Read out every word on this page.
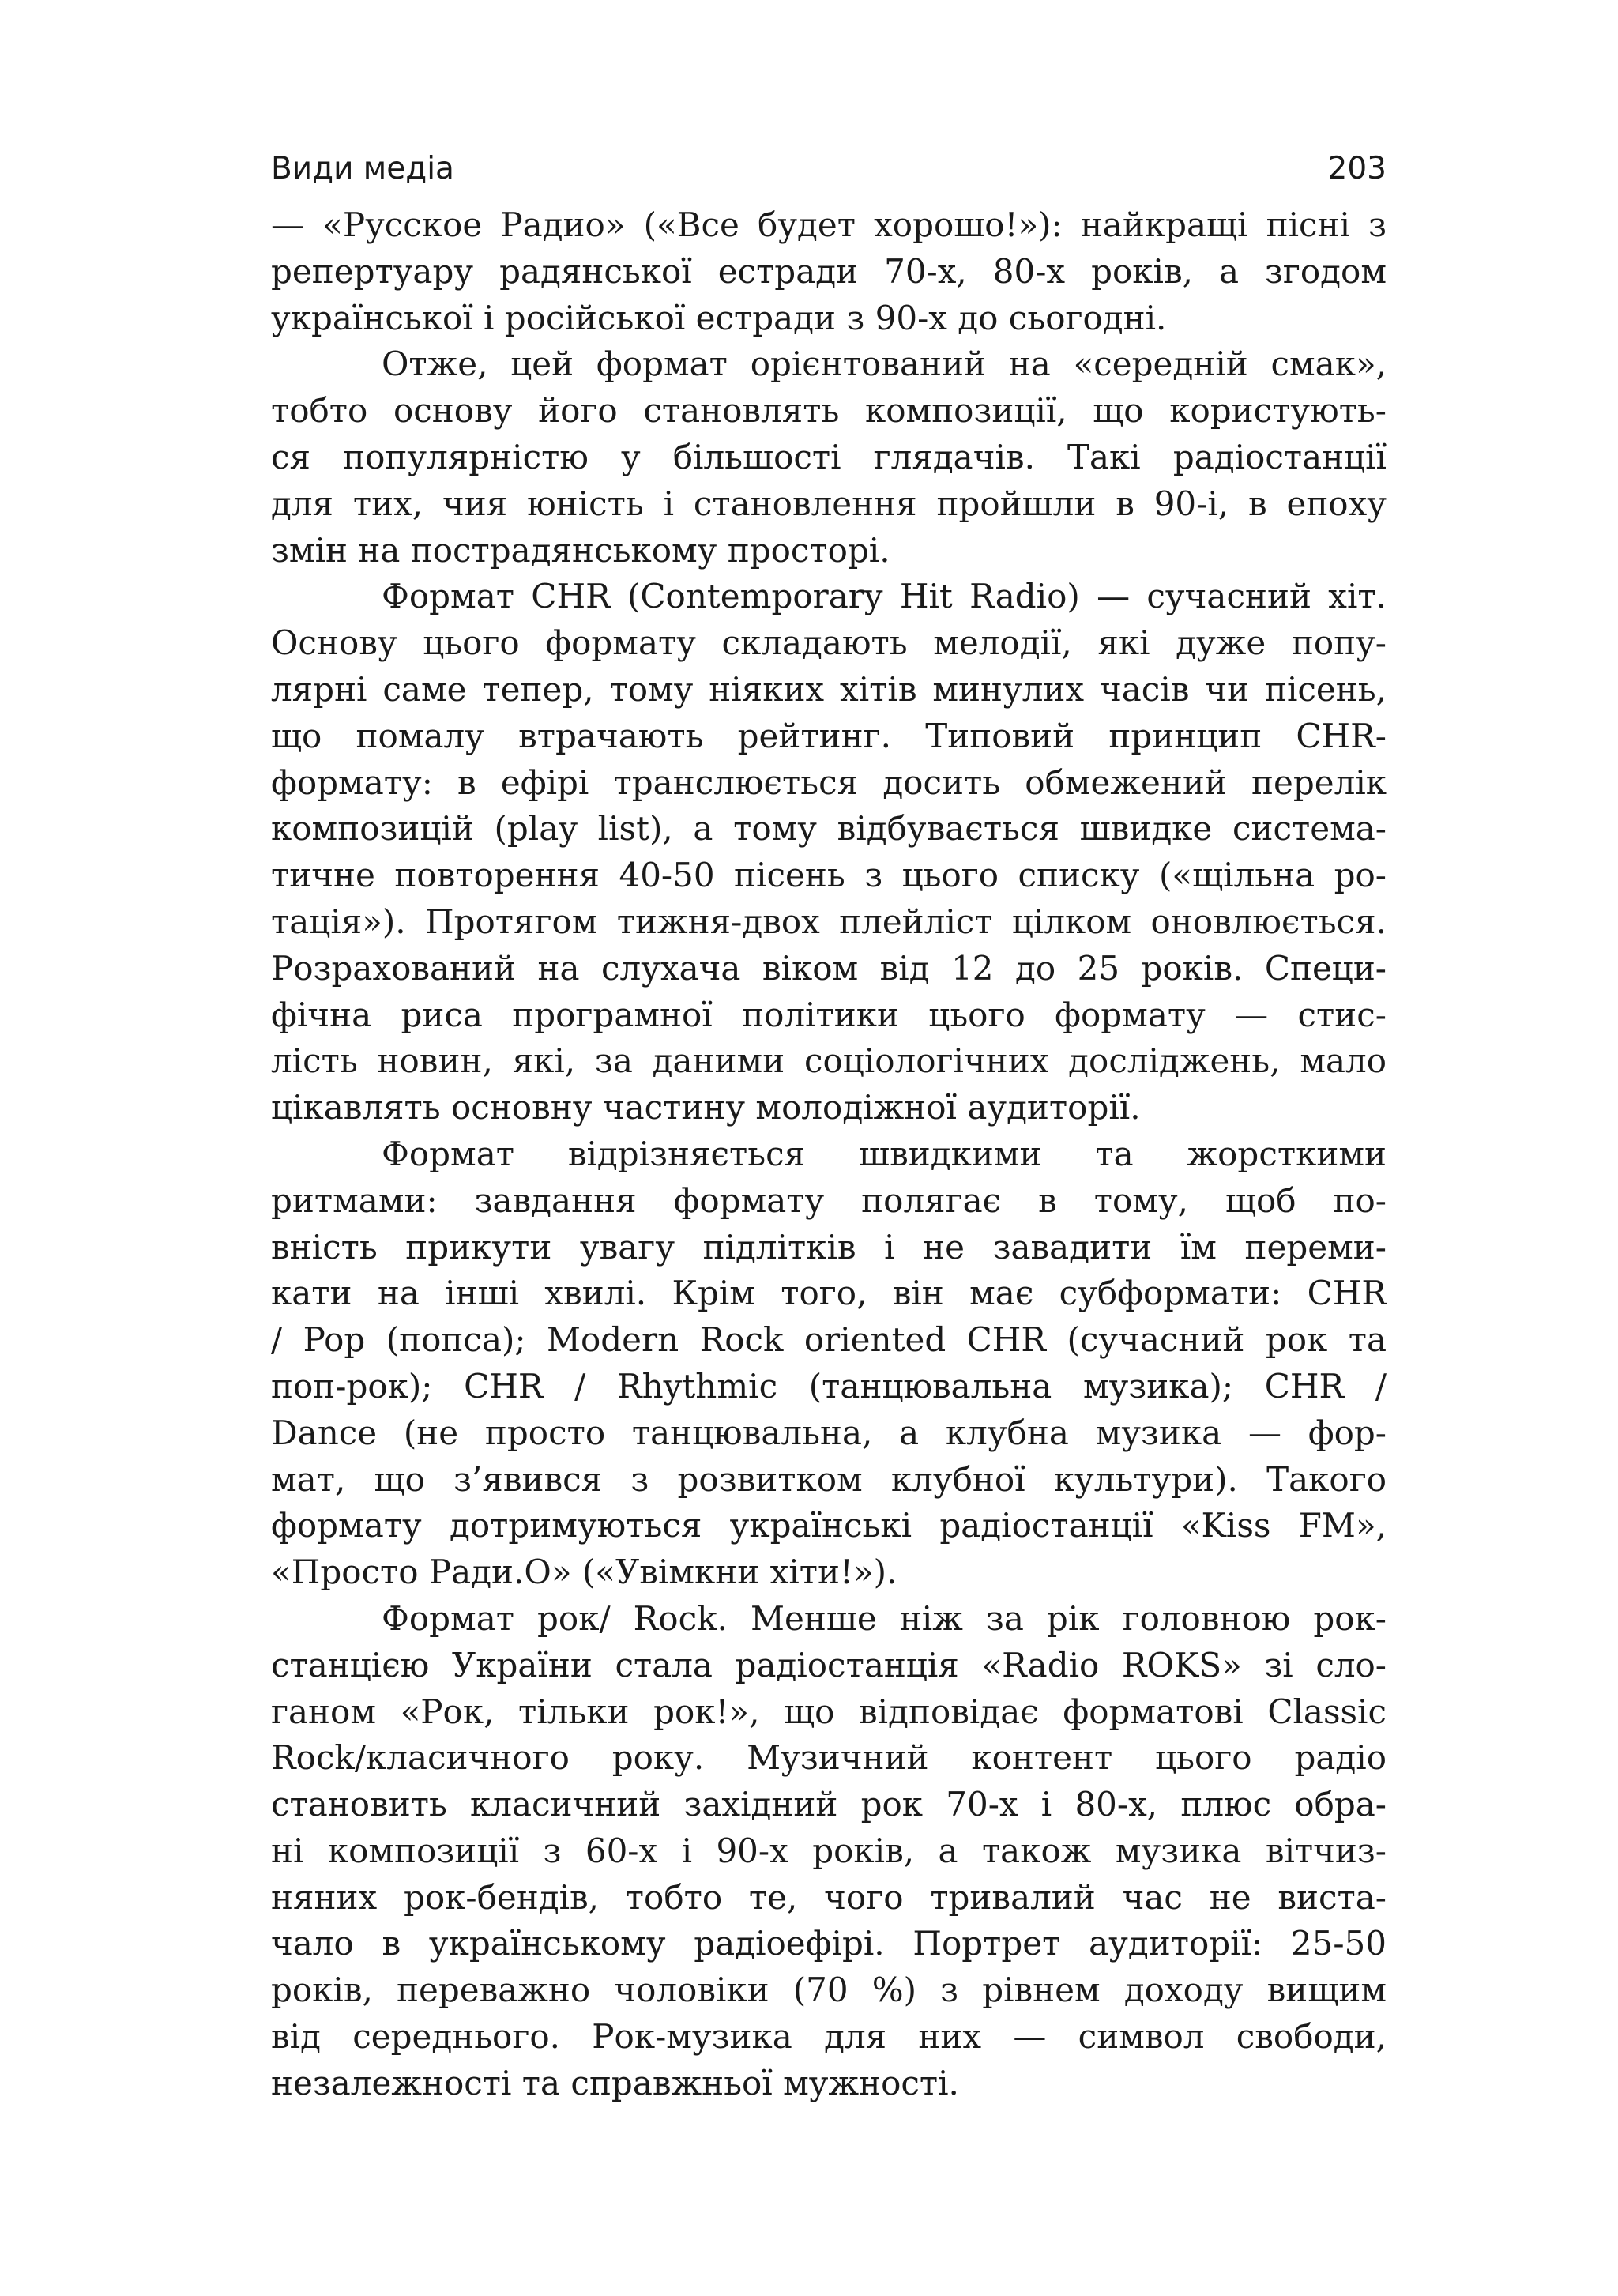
Види медіа	203
— «Русское Радио» («Все будет хорошо!»): найкращі пісні з
репертуару радянської естради 70-х, 80-х років, а згодом
української і російської естради з 90-х до сьогодні.
Отже, цей формат орієнтований на «середній смак»,
тобто основу його становлять композиції, що користують-
ся популярністю у більшості глядачів. Такі радіостанції
для тих, чия юність і становлення пройшли в 90-і, в епоху
змін на пострадянському просторі.
Формат CHR (Contemporary Hit Radio) — сучасний хіт.
Основу цього формату складають мелодії, які дуже попу-
лярні саме тепер, тому ніяких хітів минулих часів чи пісень,
що помалу втрачають рейтинг. Типовий принцип CHR-
формату: в ефірі транслюється досить обмежений перелік
композицій (play list), а тому відбувається швидке система-
тичне повторення 40-50 пісень з цього списку («щільна ро-
тація»). Протягом тижня-двох плейліст цілком оновлюється.
Розрахований на слухача віком від 12 до 25 років. Специ-
фічна риса програмної політики цього формату — стис-
лість новин, які, за даними соціологічних досліджень, мало
цікавлять основну частину молодіжної аудиторії.
Формат відрізняється швидкими та жорсткими
ритмами: завдання формату полягає в тому, щоб по-
вність прикути увагу підлітків і не завадити їм переми-
кати на інші хвилі. Крім того, він має субформати: CHR
/ Pop (попса); Modern Rock oriented CHR (сучасний рок та
поп-рок); CHR / Rhythmic (танцювальна музика); CHR /
Dance (не просто танцювальна, а клубна музика — фор-
мат, що з’явився з розвитком клубної культури). Такого
формату дотримуються українські радіостанції «Kiss FM»,
«Просто Ради.О» («Увімкни хіти!»).
Формат рок/ Rock. Менше ніж за рік головною рок-
станцією України стала радіостанція «Radio ROKS» зі сло-
ганом «Рок, тільки рок!», що відповідає форматові Classic
Rock/класичного року. Музичний контент цього радіо
становить класичний західний рок 70-х і 80-х, плюс обра-
ні композиції з 60-х і 90-х років, а також музика вітчиз-
няних рок-бендів, тобто те, чого тривалий час не виста-
чало в українському радіоефірі. Портрет аудиторії: 25-50
років, переважно чоловіки (70 %) з рівнем доходу вищим
від середнього. Рок-музика для них — символ свободи,
незалежності та справжньої мужності.
